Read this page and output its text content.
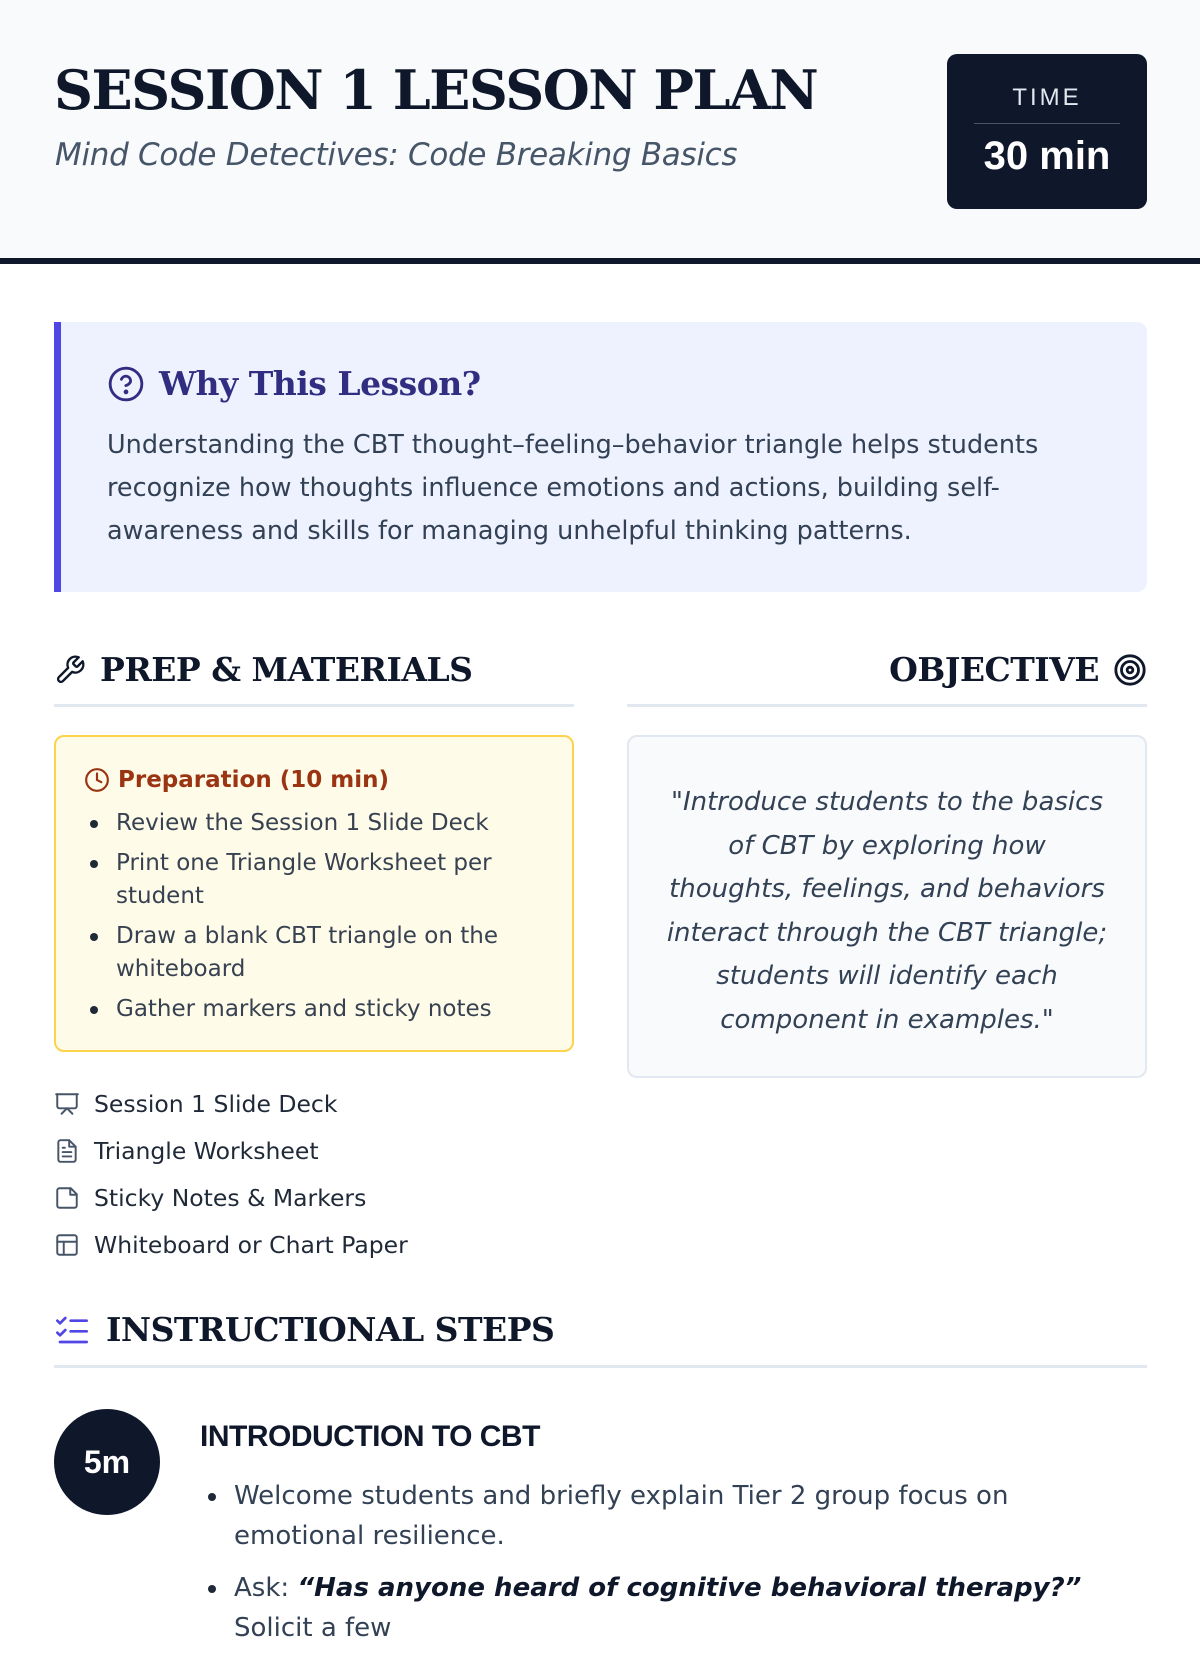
SESSION 1 LESSON PLAN
Mind Code Detectives: Code Breaking Basics
TIME
30 min
Why This Lesson?

Understanding the CBT thought–feeling–behavior triangle helps students recognize how thoughts influence emotions and actions, building self-awareness and skills for managing unhelpful thinking patterns.

PREP & MATERIALS	OBJECTIVE
Preparation (10 min)
Review the Session 1 Slide Deck
Print one Triangle Worksheet per student
Draw a blank CBT triangle on the whiteboard
Gather markers and sticky notes
Session 1 Slide Deck
Triangle Worksheet
Sticky Notes & Markers
Whiteboard or Chart Paper

"Introduce students to the basics of CBT by exploring how thoughts, feelings, and behaviors interact through the CBT triangle; students will identify each component in examples."

INSTRUCTIONAL STEPS
5m
INTRODUCTION TO CBT
Welcome students and briefly explain Tier 2 group focus on emotional resilience.
Ask: “Has anyone heard of cognitive behavioral therapy?” Solicit a few
